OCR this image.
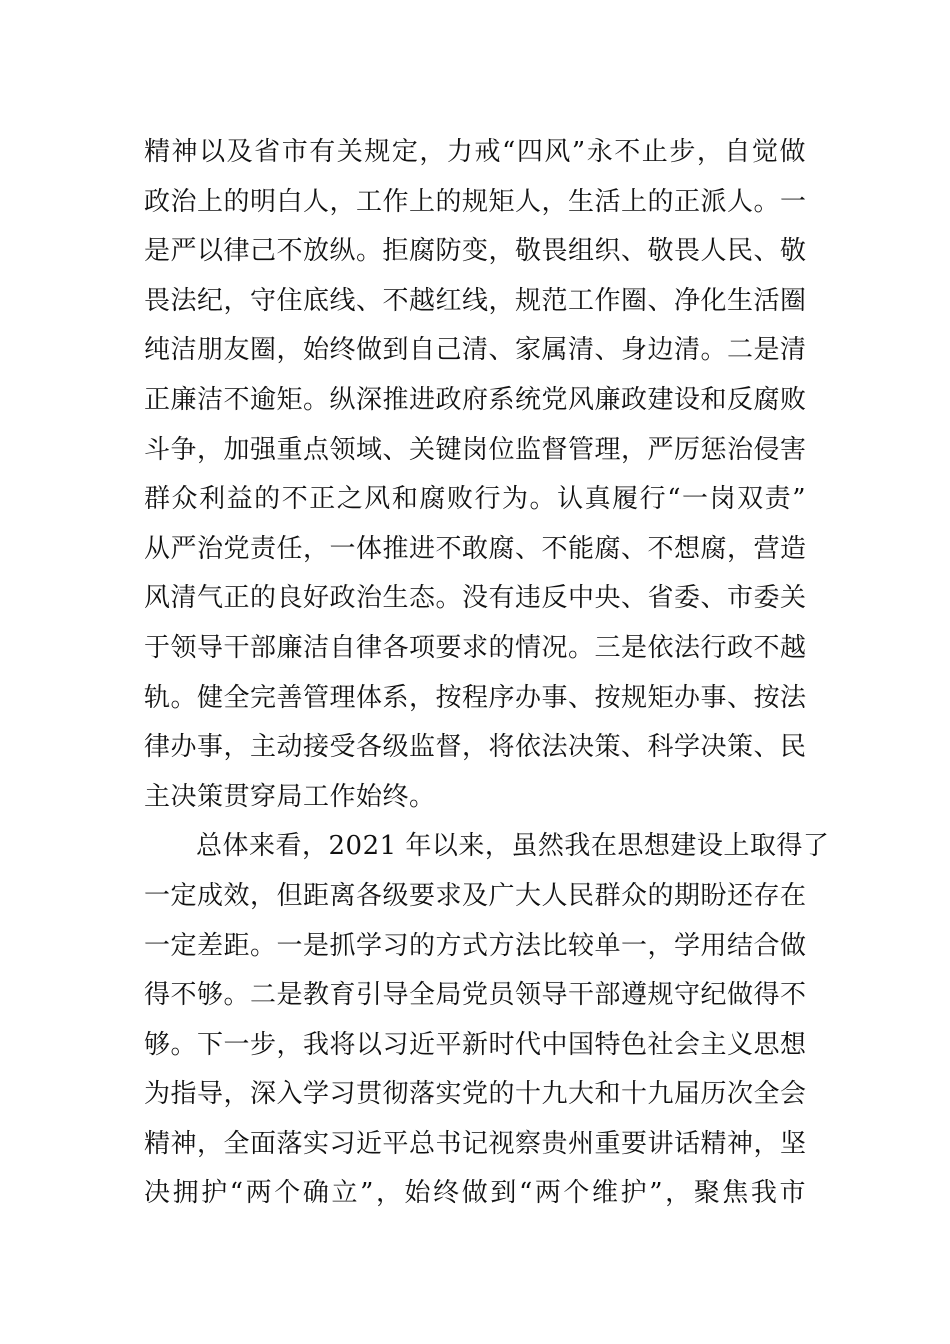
精神以及省市有关规定，力戒“四风”永不止步，自觉做
政治上的明白人，工作上的规矩人，生活上的正派人。一
是严以律己不放纵。拒腐防变，敬畏组织、敬畏人民、敬
畏法纪，守住底线、不越红线，规范工作圈、净化生活圈
纯洁朋友圈，始终做到自己清、家属清、身边清。二是清
正廉洁不逾矩。纵深推进政府系统党风廉政建设和反腐败
斗争，加强重点领域、关键岗位监督管理，严厉惩治侵害
群众利益的不正之风和腐败行为。认真履行“一岗双责”
从严治党责任，一体推进不敢腐、不能腐、不想腐，营造
风清气正的良好政治生态。没有违反中央、省委、市委关
于领导干部廉洁自律各项要求的情况。三是依法行政不越
轨。健全完善管理体系，按程序办事、按规矩办事、按法
律办事，主动接受各级监督，将依法决策、科学决策、民
主决策贯穿局工作始终。
总体来看，2021 年以来，虽然我在思想建设上取得了
一定成效，但距离各级要求及广大人民群众的期盼还存在
一定差距。一是抓学习的方式方法比较单一，学用结合做
得不够。二是教育引导全局党员领导干部遵规守纪做得不
够。下一步，我将以习近平新时代中国特色社会主义思想
为指导，深入学习贯彻落实党的十九大和十九届历次全会
精神，全面落实习近平总书记视察贵州重要讲话精神，坚
决拥护“两个确立”，始终做到“两个维护”，聚焦我市
